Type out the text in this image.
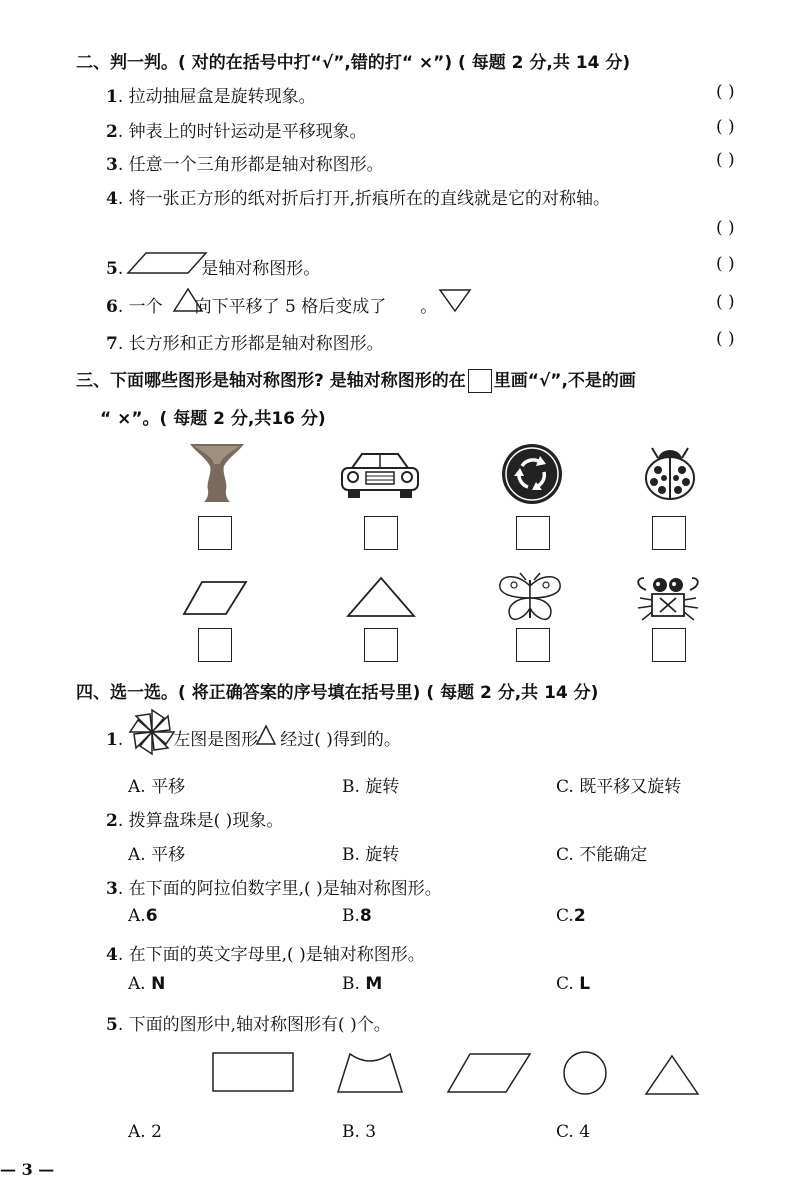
二、判一判。( 对的在括号中打“√”,错的打“ ×”) ( 每题 2 分,共 14 分)
1. 拉动抽屉盒是旋转现象。	( )
2. 钟表上的时针运动是平移现象。	( )
3. 任意一个三角形都是轴对称图形。	( )
4. 将一张正方形的纸对折后打开,折痕所在的直线就是它的对称轴。
( )
5.	是轴对称图形。	( )
6. 一个 向下平移了 5 格后变成了 。	( )
7. 长方形和正方形都是轴对称图形。	( )
三、下面哪些图形是轴对称图形? 是轴对称图形的在 里画“√”,不是的画
“ ×”。( 每题 2 分,共16 分)
四、选一选。( 将正确答案的序号填在括号里) ( 每题 2 分,共 14 分)
1.	左图是图形 经过( )得到的。
A. 平移	B. 旋转	C. 既平移又旋转
2. 拨算盘珠是( )现象。
A. 平移	B. 旋转	C. 不能确定
3. 在下面的阿拉伯数字里,( )是轴对称图形。
A.6	B.8	C.2
4. 在下面的英文字母里,( )是轴对称图形。
A. N	B. M	C. L
5. 下面的图形中,轴对称图形有( )个。
A. 2	B. 3	C. 4
— 3 —
